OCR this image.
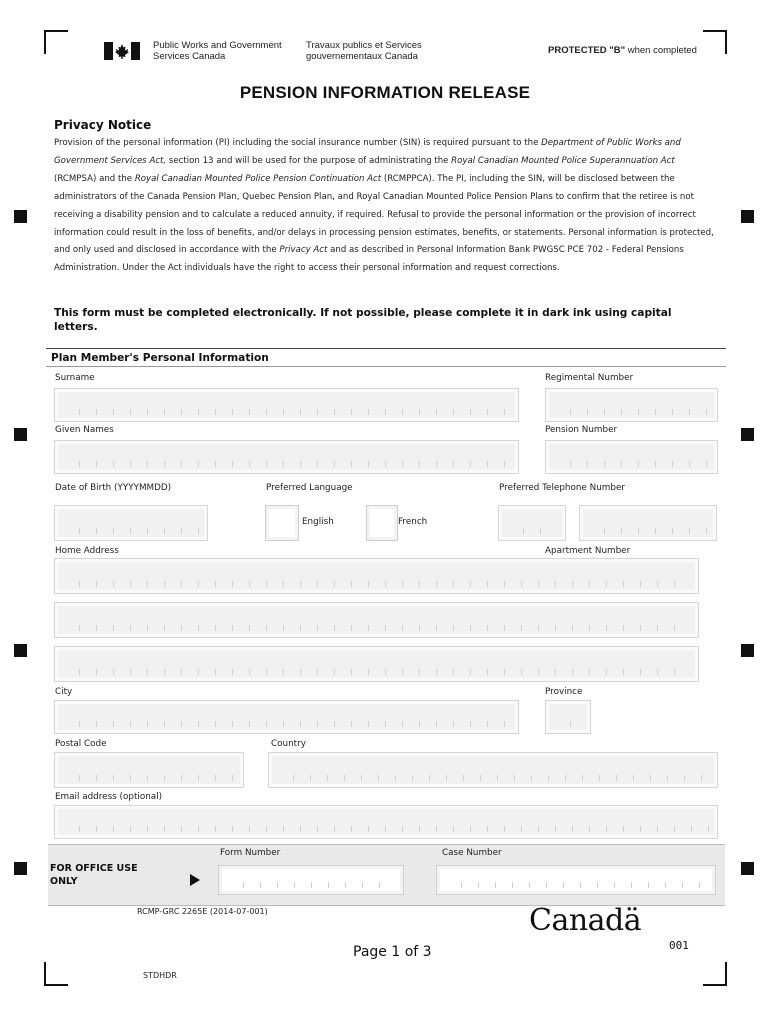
Public Works and Government
Services Canada
Travaux publics et Services
gouvernementaux Canada
PROTECTED "B" when completed
PENSION INFORMATION RELEASE
Privacy Notice

Provision of the personal information (PI) including the social insurance number (SIN) is required pursuant to the Department of Public Works and Government Services Act, section 13 and will be used for the purpose of administrating the Royal Canadian Mounted Police Superannuation Act (RCMPSA) and the Royal Canadian Mounted Police Pension Continuation Act (RCMPPCA). The PI, including the SIN, will be disclosed between the administrators of the Canada Pension Plan, Quebec Pension Plan, and Royal Canadian Mounted Police Pension Plans to confirm that the retiree is not receiving a disability pension and to calculate a reduced annuity, if required. Refusal to provide the personal information or the provision of incorrect information could result in the loss of benefits, and/or delays in processing pension estimates, benefits, or statements. Personal information is protected, and only used and disclosed in accordance with the Privacy Act and as described in Personal Information Bank PWGSC PCE 702 - Federal Pensions Administration. Under the Act individuals have the right to access their personal information and request corrections.

This form must be completed electronically. If not possible, please complete it in dark ink using capital letters.
Plan Member's Personal Information
Surname	Regimental Number
Given Names	Pension Number
Date of Birth (YYYYMMDD)	Preferred Language
English	French
Preferred Telephone Number
Home Address	Apartment Number
City	Province
Postal Code	Country
Email address (optional)
FOR OFFICE USE
ONLY
Form Number	Case Number
RCMP-GRC 2265E (2014-07-001)	Canadä
Page 1 of 3	001
STDHDR
